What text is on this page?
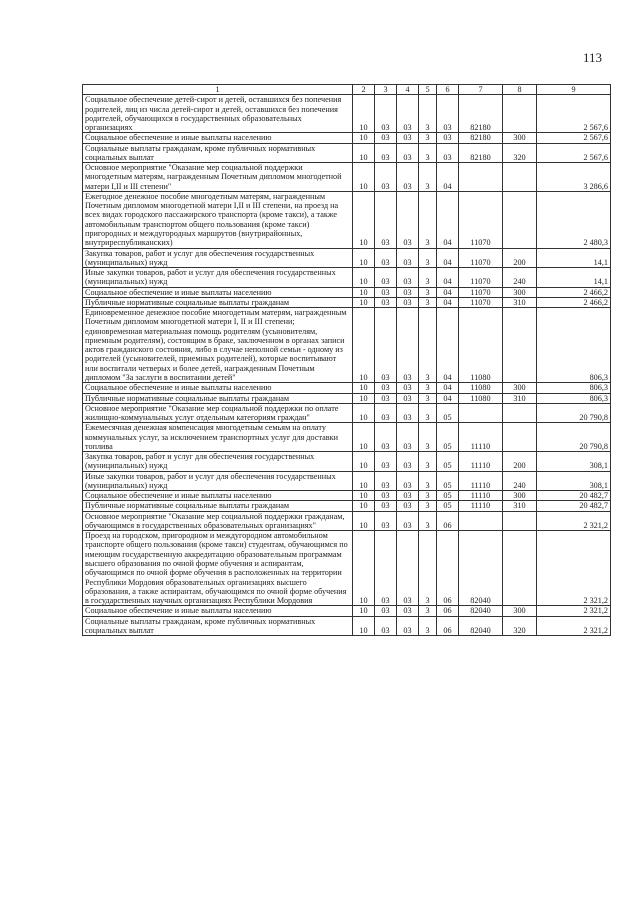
113
1	2	3	4	5	6	7	8	9
Социальное обеспечение детей-сирот и детей, оставшихся без попечения родителей, лиц из числа детей-сирот и детей, оставшихся без попечения родителей, обучающихся в государственных образовательных организациях	10	03	03	3	03	82180		2 567,6
Социальное обеспечение и иные выплаты населению	10	03	03	3	03	82180	300	2 567,6
Социальные выплаты гражданам, кроме публичных нормативных социальных выплат	10	03	03	3	03	82180	320	2 567,6
Основное мероприятие "Оказание мер социальной поддержки многодетным матерям, награжденным Почетным дипломом многодетной матери I,II и III степени"	10	03	03	3	04			3 286,6
Ежегодное денежное пособие многодетным матерям, награжденным Почетным дипломом многодетной матери I,II и III степени, на проезд на всех видах городского пассажирского транспорта (кроме такси), а также автомобильным транспортом общего пользования (кроме такси) пригородных и междугородных маршрутов (внутрирайонных, внутриреспубликанских)	10	03	03	3	04	11070		2 480,3
Закупка товаров, работ и услуг для обеспечения государственных (муниципальных) нужд	10	03	03	3	04	11070	200	14,1
Иные закупки товаров, работ и услуг для обеспечения государственных (муниципальных) нужд	10	03	03	3	04	11070	240	14,1
Социальное обеспечение и иные выплаты населению	10	03	03	3	04	11070	300	2 466,2
Публичные нормативные социальные выплаты гражданам	10	03	03	3	04	11070	310	2 466,2
Единовременное денежное пособие многодетным матерям, награжденным Почетным дипломом многодетной матери I, II и III степени; единовременная материальная помощь родителям (усыновителям, приемным родителям), состоящим в браке, заключенном в органах записи актов гражданского состояния, либо в случае неполной семьи - одному из родителей (усыновителей, приемных родителей), которые воспитывают или воспитали четверых и более детей, награжденным Почетным дипломом "За заслуги в воспитании детей"	10	03	03	3	04	11080		806,3
Социальное обеспечение и иные выплаты населению	10	03	03	3	04	11080	300	806,3
Публичные нормативные социальные выплаты гражданам	10	03	03	3	04	11080	310	806,3
Основное мероприятие "Оказание мер социальной поддержки по оплате жилищно-коммунальных услуг отдельным категориям граждан"	10	03	03	3	05			20 790,8
Ежемесячная денежная компенсация многодетным семьям на оплату коммунальных услуг, за исключением транспортных услуг для доставки топлива	10	03	03	3	05	11110		20 790,8
Закупка товаров, работ и услуг для обеспечения государственных (муниципальных) нужд	10	03	03	3	05	11110	200	308,1
Иные закупки товаров, работ и услуг для обеспечения государственных (муниципальных) нужд	10	03	03	3	05	11110	240	308,1
Социальное обеспечение и иные выплаты населению	10	03	03	3	05	11110	300	20 482,7
Публичные нормативные социальные выплаты гражданам	10	03	03	3	05	11110	310	20 482,7
Основное мероприятие "Оказание мер социальной поддержки гражданам, обучающимся в государственных образовательных организациях"	10	03	03	3	06			2 321,2
Проезд на городском, пригородном и междугородном автомобильном транспорте общего пользования (кроме такси) студентам, обучающимся по имеющим государственную аккредитацию образовательным программам высшего образования по очной форме обучения и аспирантам, обучающимся по очной форме обучения в расположенных на территории Республики Мордовия образовательных организациях высшего образования, а также аспирантам, обучающимся по очной форме обучения в государственных научных организациях Республики Мордовия	10	03	03	3	06	82040		2 321,2
Социальное обеспечение и иные выплаты населению	10	03	03	3	06	82040	300	2 321,2
Социальные выплаты гражданам, кроме публичных нормативных социальных выплат	10	03	03	3	06	82040	320	2 321,2
